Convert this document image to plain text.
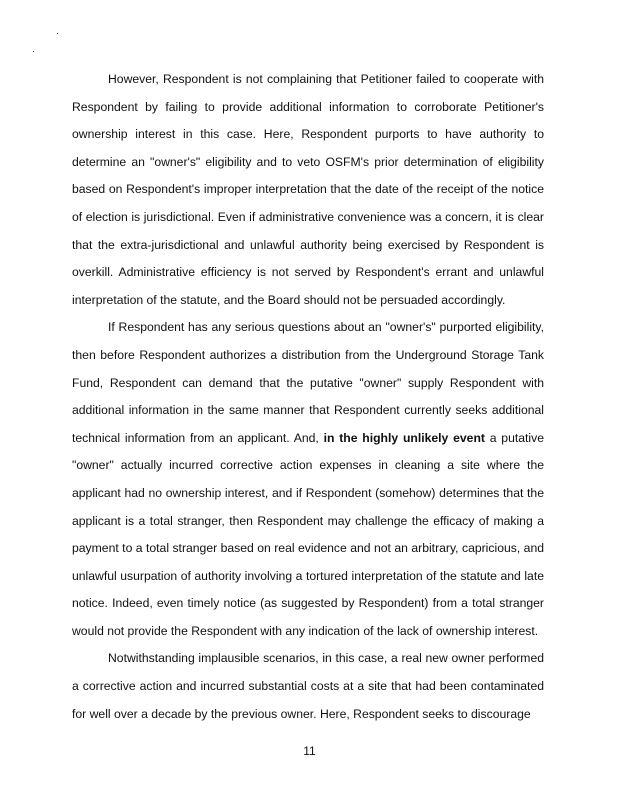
However, Respondent is not complaining that Petitioner failed to cooperate with Respondent by failing to provide additional information to corroborate Petitioner's ownership interest in this case. Here, Respondent purports to have authority to determine an "owner's" eligibility and to veto OSFM's prior determination of eligibility based on Respondent's improper interpretation that the date of the receipt of the notice of election is jurisdictional. Even if administrative convenience was a concern, it is clear that the extra-jurisdictional and unlawful authority being exercised by Respondent is overkill. Administrative efficiency is not served by Respondent's errant and unlawful interpretation of the statute, and the Board should not be persuaded accordingly.

If Respondent has any serious questions about an "owner's" purported eligibility, then before Respondent authorizes a distribution from the Underground Storage Tank Fund, Respondent can demand that the putative "owner" supply Respondent with additional information in the same manner that Respondent currently seeks additional technical information from an applicant. And, in the highly unlikely event a putative "owner" actually incurred corrective action expenses in cleaning a site where the applicant had no ownership interest, and if Respondent (somehow) determines that the applicant is a total stranger, then Respondent may challenge the efficacy of making a payment to a total stranger based on real evidence and not an arbitrary, capricious, and unlawful usurpation of authority involving a tortured interpretation of the statute and late notice. Indeed, even timely notice (as suggested by Respondent) from a total stranger would not provide the Respondent with any indication of the lack of ownership interest.

Notwithstanding implausible scenarios, in this case, a real new owner performed a corrective action and incurred substantial costs at a site that had been contaminated for well over a decade by the previous owner. Here, Respondent seeks to discourage

11
